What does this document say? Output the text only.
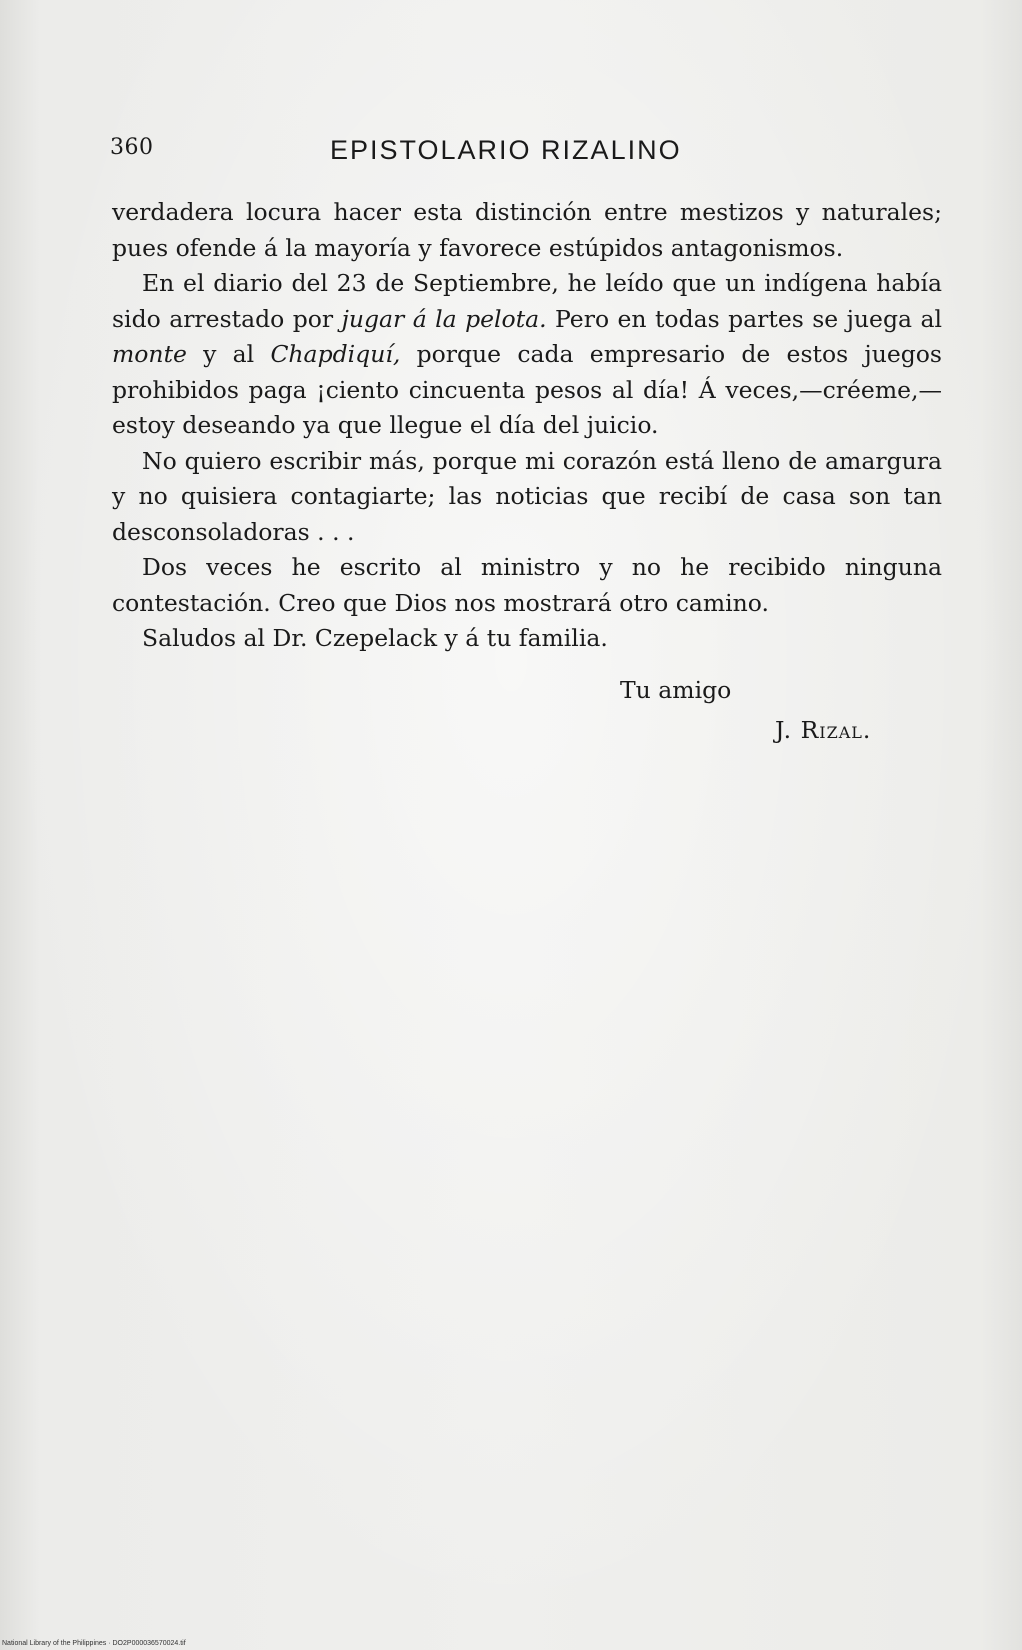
360	EPISTOLARIO RIZALINO

verdadera locura hacer esta distinción entre mestizos y naturales; pues ofende á la mayoría y favorece estúpidos antagonismos.

En el diario del 23 de Septiembre, he leído que un indígena había sido arrestado por jugar á la pelota. Pero en todas partes se juega al monte y al Chapdiquí, porque cada empresario de estos juegos prohibidos paga ¡ciento cincuenta pesos al día! Á veces,—créeme,—estoy deseando ya que llegue el día del juicio.

No quiero escribir más, porque mi corazón está lleno de amargura y no quisiera contagiarte; las noticias que recibí de casa son tan desconsoladoras . . .

Dos veces he escrito al ministro y no he recibido ninguna contestación. Creo que Dios nos mostrará otro camino.

Saludos al Dr. Czepelack y á tu familia.

Tu amigo
J. Rizal.
National Library of the Philippines · DO2P000036570024.tif
